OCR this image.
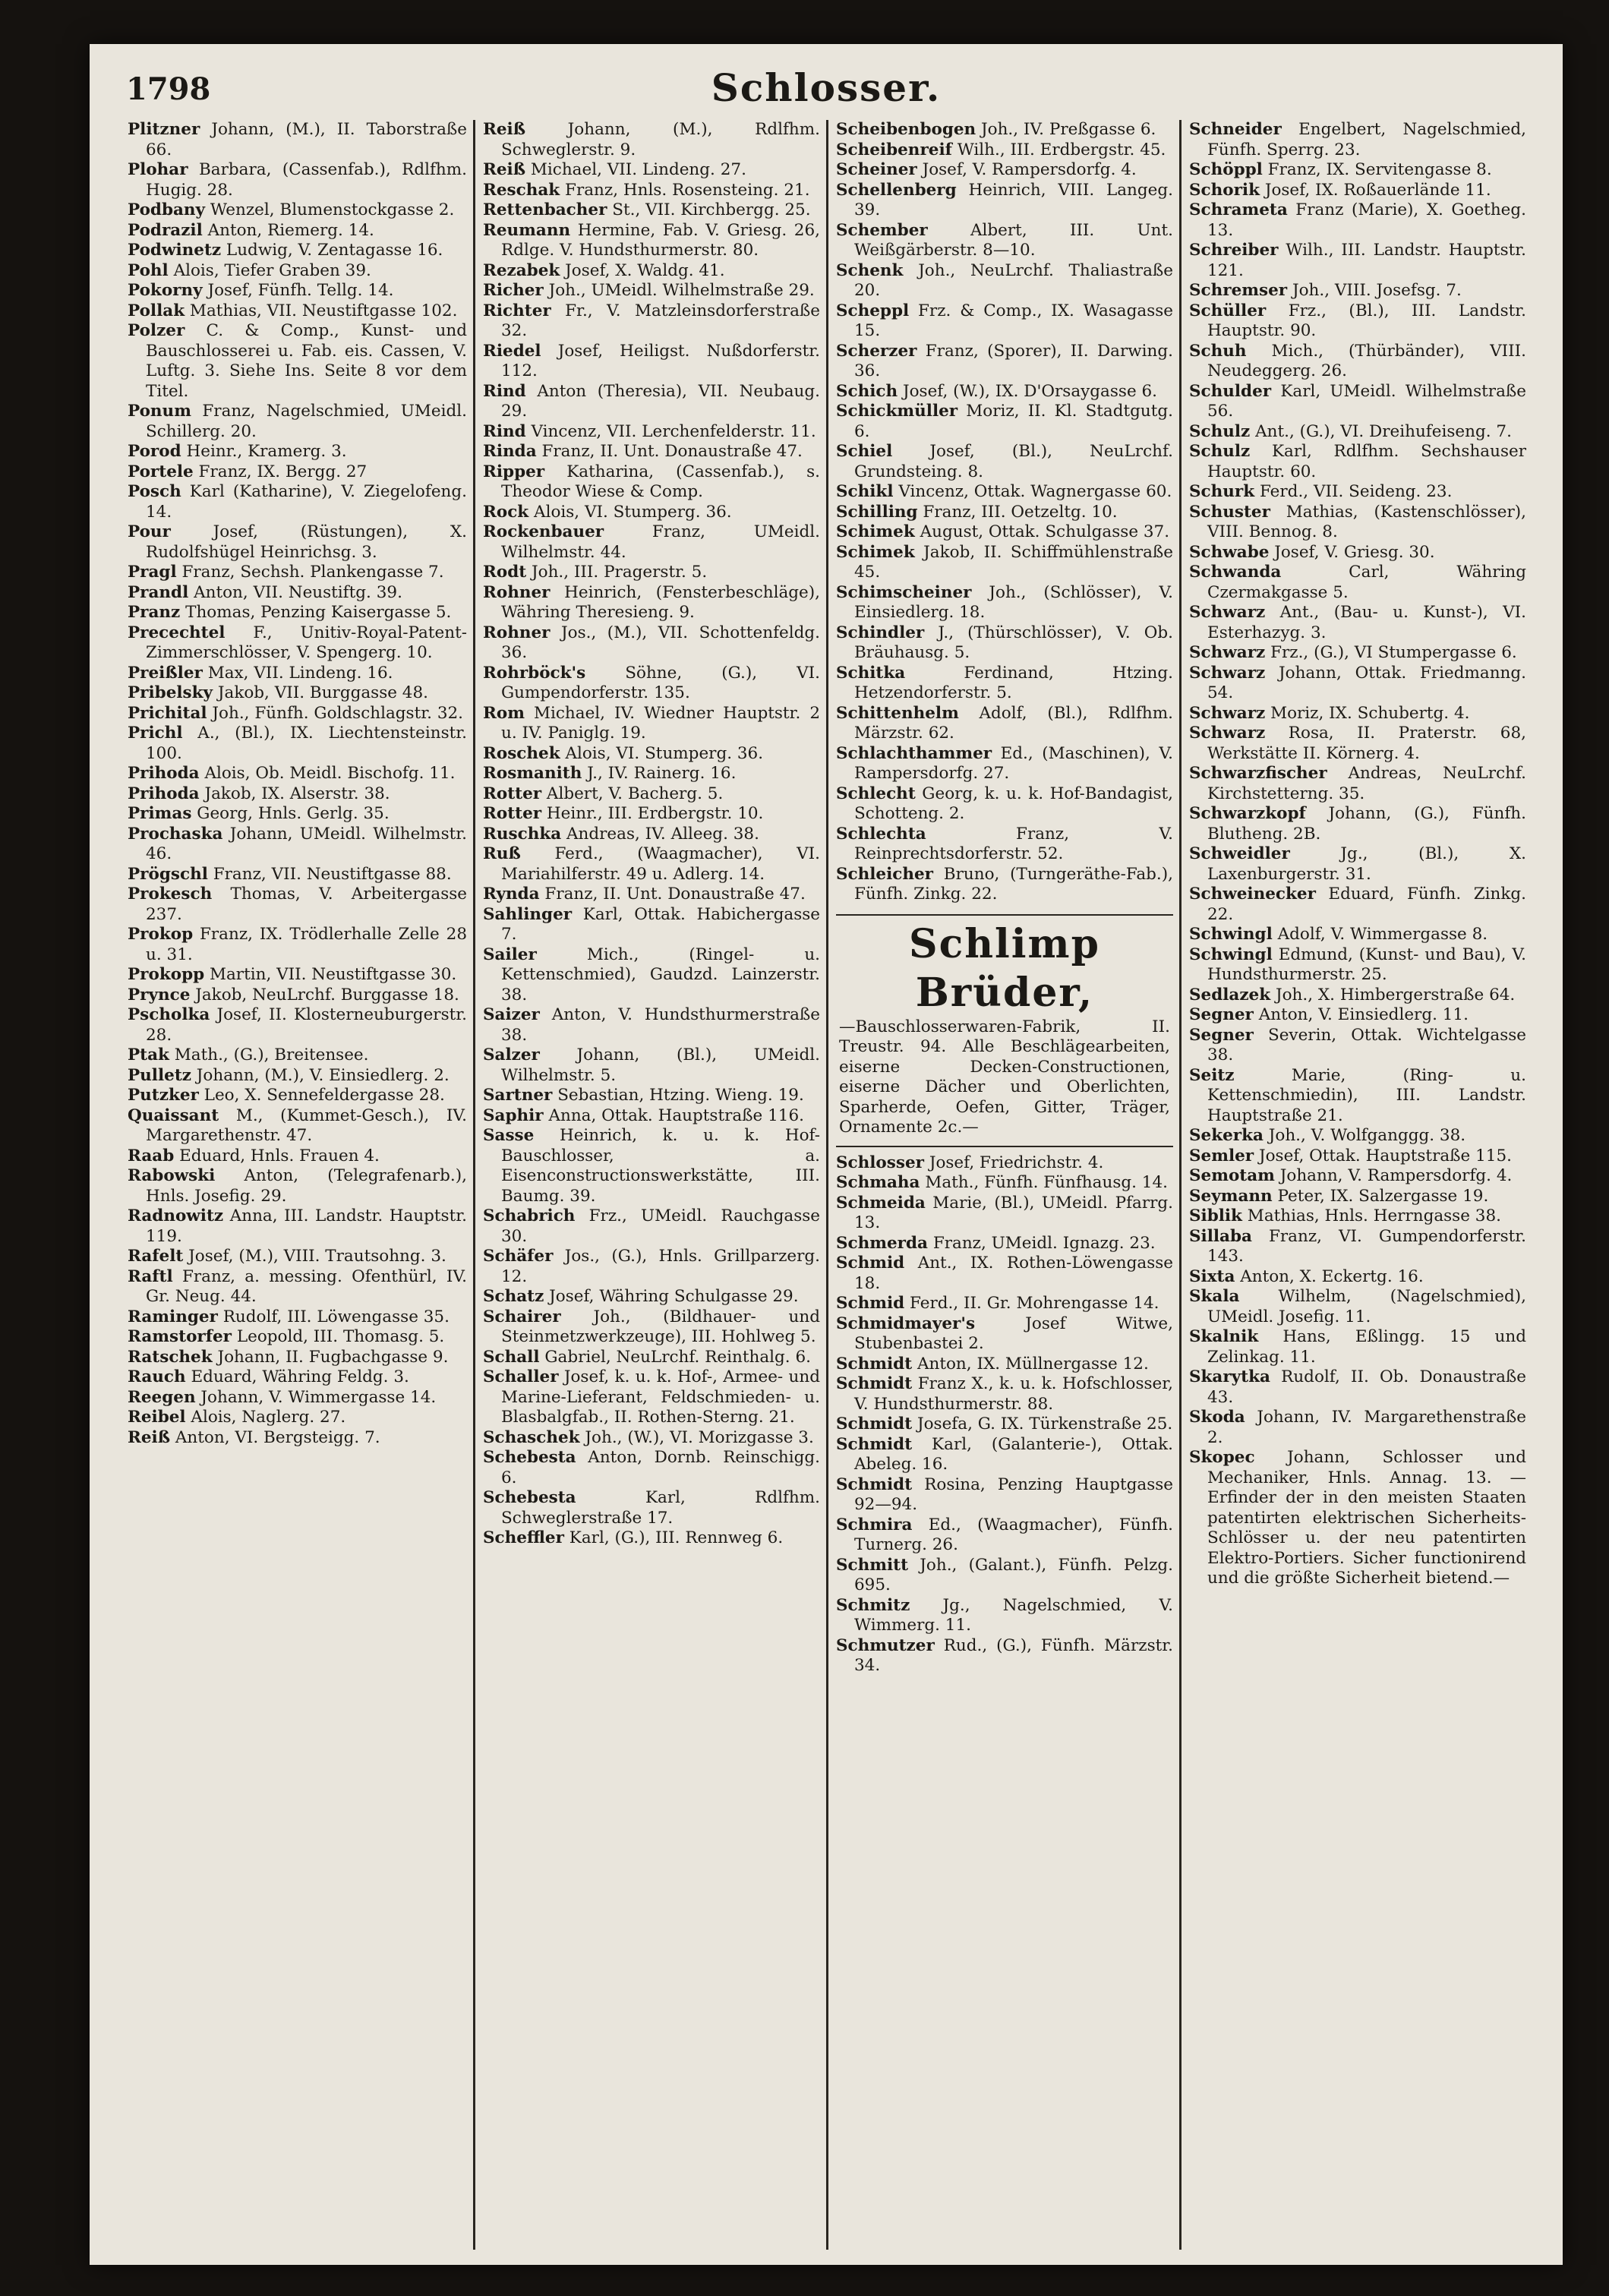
1798	Schlosser.

Plitzner Johann, (M.), II. Taborstraße 66.

Plohar Barbara, (Cassenfab.), Rdlfhm. Hugig. 28.

Podbany Wenzel, Blumenstockgasse 2.

Podrazil Anton, Riemerg. 14.

Podwinetz Ludwig, V. Zentagasse 16.

Pohl Alois, Tiefer Graben 39.

Pokorny Josef, Fünfh. Tellg. 14.

Pollak Mathias, VII. Neustiftgasse 102.

Polzer C. & Comp., Kunst- und Bauschlosserei u. Fab. eis. Cassen, V. Luftg. 3. Siehe Ins. Seite 8 vor dem Titel.

Ponum Franz, Nagelschmied, UMeidl. Schillerg. 20.

Porod Heinr., Kramerg. 3.

Portele Franz, IX. Bergg. 27

Posch Karl (Katharine), V. Ziegelofeng. 14.

Pour Josef, (Rüstungen), X. Rudolfshügel Heinrichsg. 3.

Pragl Franz, Sechsh. Plankengasse 7.

Prandl Anton, VII. Neustiftg. 39.

Pranz Thomas, Penzing Kaisergasse 5.

Precechtel F., Unitiv-Royal-Patent-Zimmerschlösser, V. Spengerg. 10.

Preißler Max, VII. Lindeng. 16.

Pribelsky Jakob, VII. Burggasse 48.

Prichital Joh., Fünfh. Goldschlagstr. 32.

Prichl A., (Bl.), IX. Liechtensteinstr. 100.

Prihoda Alois, Ob. Meidl. Bischofg. 11.

Prihoda Jakob, IX. Alserstr. 38.

Primas Georg, Hnls. Gerlg. 35.

Prochaska Johann, UMeidl. Wilhelmstr. 46.

Prögschl Franz, VII. Neustiftgasse 88.

Prokesch Thomas, V. Arbeitergasse 237.

Prokop Franz, IX. Trödlerhalle Zelle 28 u. 31.

Prokopp Martin, VII. Neustiftgasse 30.

Prynce Jakob, NeuLrchf. Burggasse 18.

Pscholka Josef, II. Klosterneuburgerstr. 28.

Ptak Math., (G.), Breitensee.

Pulletz Johann, (M.), V. Einsiedlerg. 2.

Putzker Leo, X. Sennefeldergasse 28.

Quaissant M., (Kummet-Gesch.), IV. Margarethenstr. 47.

Raab Eduard, Hnls. Frauen 4.

Rabowski Anton, (Telegrafenarb.), Hnls. Josefig. 29.

Radnowitz Anna, III. Landstr. Hauptstr. 119.

Rafelt Josef, (M.), VIII. Trautsohng. 3.

Raftl Franz, a. messing. Ofenthürl, IV. Gr. Neug. 44.

Raminger Rudolf, III. Löwengasse 35.

Ramstorfer Leopold, III. Thomasg. 5.

Ratschek Johann, II. Fugbachgasse 9.

Rauch Eduard, Währing Feldg. 3.

Reegen Johann, V. Wimmergasse 14.

Reibel Alois, Naglerg. 27.

Reiß Anton, VI. Bergsteigg. 7.

Reiß Johann, (M.), Rdlfhm. Schweglerstr. 9.

Reiß Michael, VII. Lindeng. 27.

Reschak Franz, Hnls. Rosensteing. 21.

Rettenbacher St., VII. Kirchbergg. 25.

Reumann Hermine, Fab. V. Griesg. 26, Rdlge. V. Hundsthurmerstr. 80.

Rezabek Josef, X. Waldg. 41.

Richer Joh., UMeidl. Wilhelmstraße 29.

Richter Fr., V. Matzleinsdorferstraße 32.

Riedel Josef, Heiligst. Nußdorferstr. 112.

Rind Anton (Theresia), VII. Neubaug. 29.

Rind Vincenz, VII. Lerchenfelderstr. 11.

Rinda Franz, II. Unt. Donaustraße 47.

Ripper Katharina, (Cassenfab.), s. Theodor Wiese & Comp.

Rock Alois, VI. Stumperg. 36.

Rockenbauer Franz, UMeidl. Wilhelmstr. 44.

Rodt Joh., III. Pragerstr. 5.

Rohner Heinrich, (Fensterbeschläge), Währing Theresieng. 9.

Rohner Jos., (M.), VII. Schottenfeldg. 36.

Rohrböck's Söhne, (G.), VI. Gumpendorferstr. 135.

Rom Michael, IV. Wiedner Hauptstr. 2 u. IV. Paniglg. 19.

Roschek Alois, VI. Stumperg. 36.

Rosmanith J., IV. Rainerg. 16.

Rotter Albert, V. Bacherg. 5.

Rotter Heinr., III. Erdbergstr. 10.

Ruschka Andreas, IV. Alleeg. 38.

Ruß Ferd., (Waagmacher), VI. Mariahilferstr. 49 u. Adlerg. 14.

Rynda Franz, II. Unt. Donaustraße 47.

Sahlinger Karl, Ottak. Habichergasse 7.

Sailer Mich., (Ringel- u. Kettenschmied), Gaudzd. Lainzerstr. 38.

Saizer Anton, V. Hundsthurmerstraße 38.

Salzer Johann, (Bl.), UMeidl. Wilhelmstr. 5.

Sartner Sebastian, Htzing. Wieng. 19.

Saphir Anna, Ottak. Hauptstraße 116.

Sasse Heinrich, k. u. k. Hof-Bauschlosser, a. Eisenconstructionswerkstätte, III. Baumg. 39.

Schabrich Frz., UMeidl. Rauchgasse 30.

Schäfer Jos., (G.), Hnls. Grillparzerg. 12.

Schatz Josef, Währing Schulgasse 29.

Schairer Joh., (Bildhauer- und Steinmetzwerkzeuge), III. Hohlweg 5.

Schall Gabriel, NeuLrchf. Reinthalg. 6.

Schaller Josef, k. u. k. Hof-, Armee- und Marine-Lieferant, Feldschmieden- u. Blasbalgfab., II. Rothen-Sterng. 21.

Schaschek Joh., (W.), VI. Morizgasse 3.

Schebesta Anton, Dornb. Reinschigg. 6.

Schebesta Karl, Rdlfhm. Schweglerstraße 17.

Scheffler Karl, (G.), III. Rennweg 6.

Scheibenbogen Joh., IV. Preßgasse 6.

Scheibenreif Wilh., III. Erdbergstr. 45.

Scheiner Josef, V. Rampersdorfg. 4.

Schellenberg Heinrich, VIII. Langeg. 39.

Schember Albert, III. Unt. Weißgärberstr. 8—10.

Schenk Joh., NeuLrchf. Thaliastraße 20.

Scheppl Frz. & Comp., IX. Wasagasse 15.

Scherzer Franz, (Sporer), II. Darwing. 36.

Schich Josef, (W.), IX. D'Orsaygasse 6.

Schickmüller Moriz, II. Kl. Stadtgutg. 6.

Schiel Josef, (Bl.), NeuLrchf. Grundsteing. 8.

Schikl Vincenz, Ottak. Wagnergasse 60.

Schilling Franz, III. Oetzeltg. 10.

Schimek August, Ottak. Schulgasse 37.

Schimek Jakob, II. Schiffmühlenstraße 45.

Schimscheiner Joh., (Schlösser), V. Einsiedlerg. 18.

Schindler J., (Thürschlösser), V. Ob. Bräuhausg. 5.

Schitka Ferdinand, Htzing. Hetzendorferstr. 5.

Schittenhelm Adolf, (Bl.), Rdlfhm. Märzstr. 62.

Schlachthammer Ed., (Maschinen), V. Rampersdorfg. 27.

Schlecht Georg, k. u. k. Hof-Bandagist, Schotteng. 2.

Schlechta Franz, V. Reinprechtsdorferstr. 52.

Schleicher Bruno, (Turngeräthe-Fab.), Fünfh. Zinkg. 22.

Schlimp Brüder,
—Bauschlosserwaren-Fabrik, II. Treustr. 94. Alle Beschlägearbeiten, eiserne Decken-Constructionen, eiserne Dächer und Oberlichten, Sparherde, Oefen, Gitter, Träger, Ornamente 2c.—

Schlosser Josef, Friedrichstr. 4.

Schmaha Math., Fünfh. Fünfhausg. 14.

Schmeida Marie, (Bl.), UMeidl. Pfarrg. 13.

Schmerda Franz, UMeidl. Ignazg. 23.

Schmid Ant., IX. Rothen-Löwengasse 18.

Schmid Ferd., II. Gr. Mohrengasse 14.

Schmidmayer's Josef Witwe, Stubenbastei 2.

Schmidt Anton, IX. Müllnergasse 12.

Schmidt Franz X., k. u. k. Hofschlosser, V. Hundsthurmerstr. 88.

Schmidt Josefa, G. IX. Türkenstraße 25.

Schmidt Karl, (Galanterie-), Ottak. Abeleg. 16.

Schmidt Rosina, Penzing Hauptgasse 92—94.

Schmira Ed., (Waagmacher), Fünfh. Turnerg. 26.

Schmitt Joh., (Galant.), Fünfh. Pelzg. 695.

Schmitz Jg., Nagelschmied, V. Wimmerg. 11.

Schmutzer Rud., (G.), Fünfh. Märzstr. 34.

Schneider Engelbert, Nagelschmied, Fünfh. Sperrg. 23.

Schöppl Franz, IX. Servitengasse 8.

Schorik Josef, IX. Roßauerlände 11.

Schrameta Franz (Marie), X. Goetheg. 13.

Schreiber Wilh., III. Landstr. Hauptstr. 121.

Schremser Joh., VIII. Josefsg. 7.

Schüller Frz., (Bl.), III. Landstr. Hauptstr. 90.

Schuh Mich., (Thürbänder), VIII. Neudeggerg. 26.

Schulder Karl, UMeidl. Wilhelmstraße 56.

Schulz Ant., (G.), VI. Dreihufeiseng. 7.

Schulz Karl, Rdlfhm. Sechshauser Hauptstr. 60.

Schurk Ferd., VII. Seideng. 23.

Schuster Mathias, (Kastenschlösser), VIII. Bennog. 8.

Schwabe Josef, V. Griesg. 30.

Schwanda Carl, Währing Czermakgasse 5.

Schwarz Ant., (Bau- u. Kunst-), VI. Esterhazyg. 3.

Schwarz Frz., (G.), VI Stumpergasse 6.

Schwarz Johann, Ottak. Friedmanng. 54.

Schwarz Moriz, IX. Schubertg. 4.

Schwarz Rosa, II. Praterstr. 68, Werkstätte II. Körnerg. 4.

Schwarzfischer Andreas, NeuLrchf. Kirchstetterng. 35.

Schwarzkopf Johann, (G.), Fünfh. Blutheng. 2B.

Schweidler Jg., (Bl.), X. Laxenburgerstr. 31.

Schweinecker Eduard, Fünfh. Zinkg. 22.

Schwingl Adolf, V. Wimmergasse 8.

Schwingl Edmund, (Kunst- und Bau), V. Hundsthurmerstr. 25.

Sedlazek Joh., X. Himbergerstraße 64.

Segner Anton, V. Einsiedlerg. 11.

Segner Severin, Ottak. Wichtelgasse 38.

Seitz Marie, (Ring- u. Kettenschmiedin), III. Landstr. Hauptstraße 21.

Sekerka Joh., V. Wolfganggg. 38.

Semler Josef, Ottak. Hauptstraße 115.

Semotam Johann, V. Rampersdorfg. 4.

Seymann Peter, IX. Salzergasse 19.

Siblik Mathias, Hnls. Herrngasse 38.

Sillaba Franz, VI. Gumpendorferstr. 143.

Sixta Anton, X. Eckertg. 16.

Skala Wilhelm, (Nagelschmied), UMeidl. Josefig. 11.

Skalnik Hans, Eßlingg. 15 und Zelinkag. 11.

Skarytka Rudolf, II. Ob. Donaustraße 43.

Skoda Johann, IV. Margarethenstraße 2.

Skopec Johann, Schlosser und Mechaniker, Hnls. Annag. 13. —Erfinder der in den meisten Staaten patentirten elektrischen Sicherheits-Schlösser u. der neu patentirten Elektro-Portiers. Sicher functionirend und die größte Sicherheit bietend.—
